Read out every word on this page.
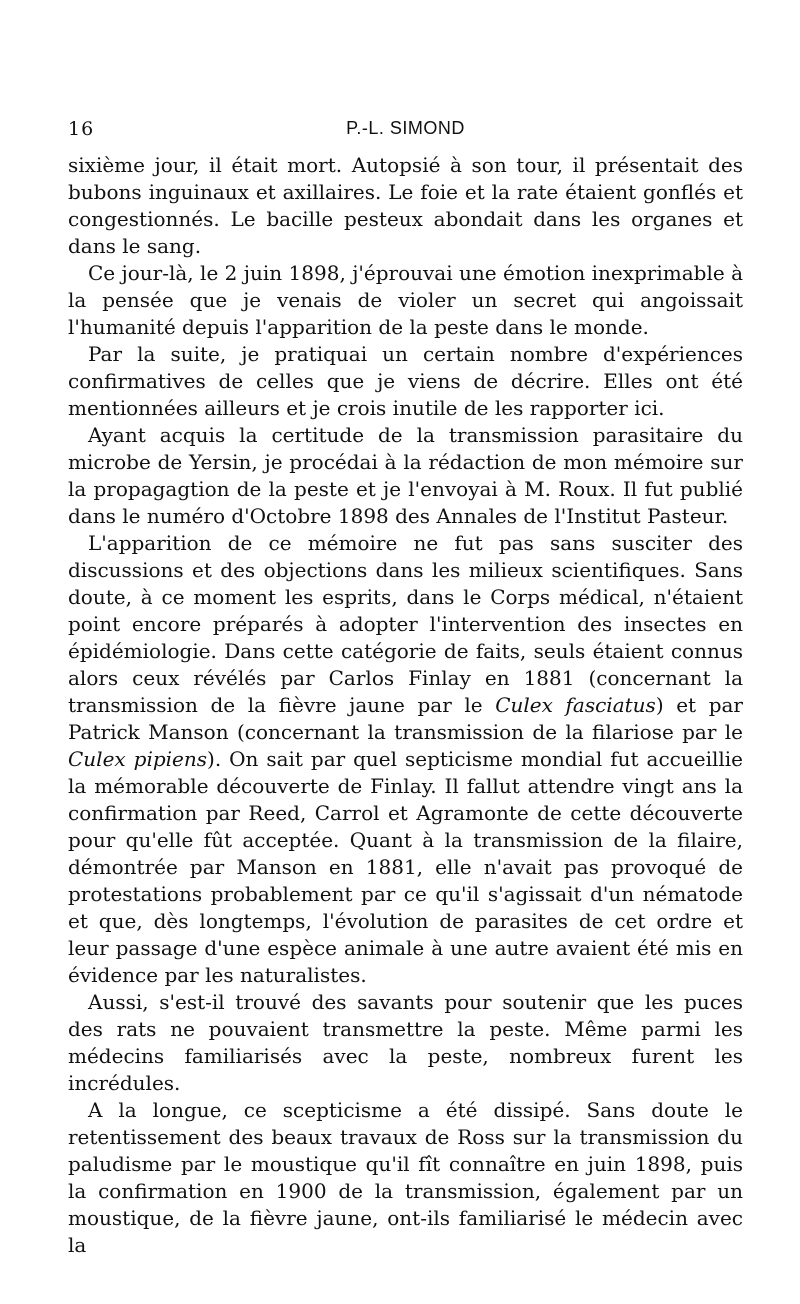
16	P.-L. SIMOND

sixième jour, il était mort. Autopsié à son tour, il présentait des bubons inguinaux et axillaires. Le foie et la rate étaient gonflés et congestionnés. Le bacille pesteux abondait dans les organes et dans le sang.

Ce jour-là, le 2 juin 1898, j'éprouvai une émotion inexprimable à la pensée que je venais de violer un secret qui angoissait l'humanité depuis l'apparition de la peste dans le monde.

Par la suite, je pratiquai un certain nombre d'expériences confirmatives de celles que je viens de décrire. Elles ont été mentionnées ailleurs et je crois inutile de les rapporter ici.

Ayant acquis la certitude de la transmission parasitaire du microbe de Yersin, je procédai à la rédaction de mon mémoire sur la propagagtion de la peste et je l'envoyai à M. Roux. Il fut publié dans le numéro d'Octobre 1898 des Annales de l'Institut Pasteur.

L'apparition de ce mémoire ne fut pas sans susciter des discussions et des objections dans les milieux scientifiques. Sans doute, à ce moment les esprits, dans le Corps médical, n'étaient point encore préparés à adopter l'intervention des insectes en épidémiologie. Dans cette catégorie de faits, seuls étaient connus alors ceux révélés par Carlos Finlay en 1881 (concernant la transmission de la fièvre jaune par le Culex fasciatus) et par Patrick Manson (concernant la transmission de la filariose par le Culex pipiens). On sait par quel septicisme mondial fut accueillie la mémorable découverte de Finlay. Il fallut attendre vingt ans la confirmation par Reed, Carrol et Agramonte de cette découverte pour qu'elle fût acceptée. Quant à la transmission de la filaire, démontrée par Manson en 1881, elle n'avait pas provoqué de protestations probablement par ce qu'il s'agissait d'un nématode et que, dès longtemps, l'évolution de parasites de cet ordre et leur passage d'une espèce animale à une autre avaient été mis en évidence par les naturalistes.

Aussi, s'est-il trouvé des savants pour soutenir que les puces des rats ne pouvaient transmettre la peste. Même parmi les médecins familiarisés avec la peste, nombreux furent les incrédules.

A la longue, ce scepticisme a été dissipé. Sans doute le retentissement des beaux travaux de Ross sur la transmission du paludisme par le moustique qu'il fît connaître en juin 1898, puis la confirmation en 1900 de la transmission, également par un moustique, de la fièvre jaune, ont-ils familiarisé le médecin avec la
